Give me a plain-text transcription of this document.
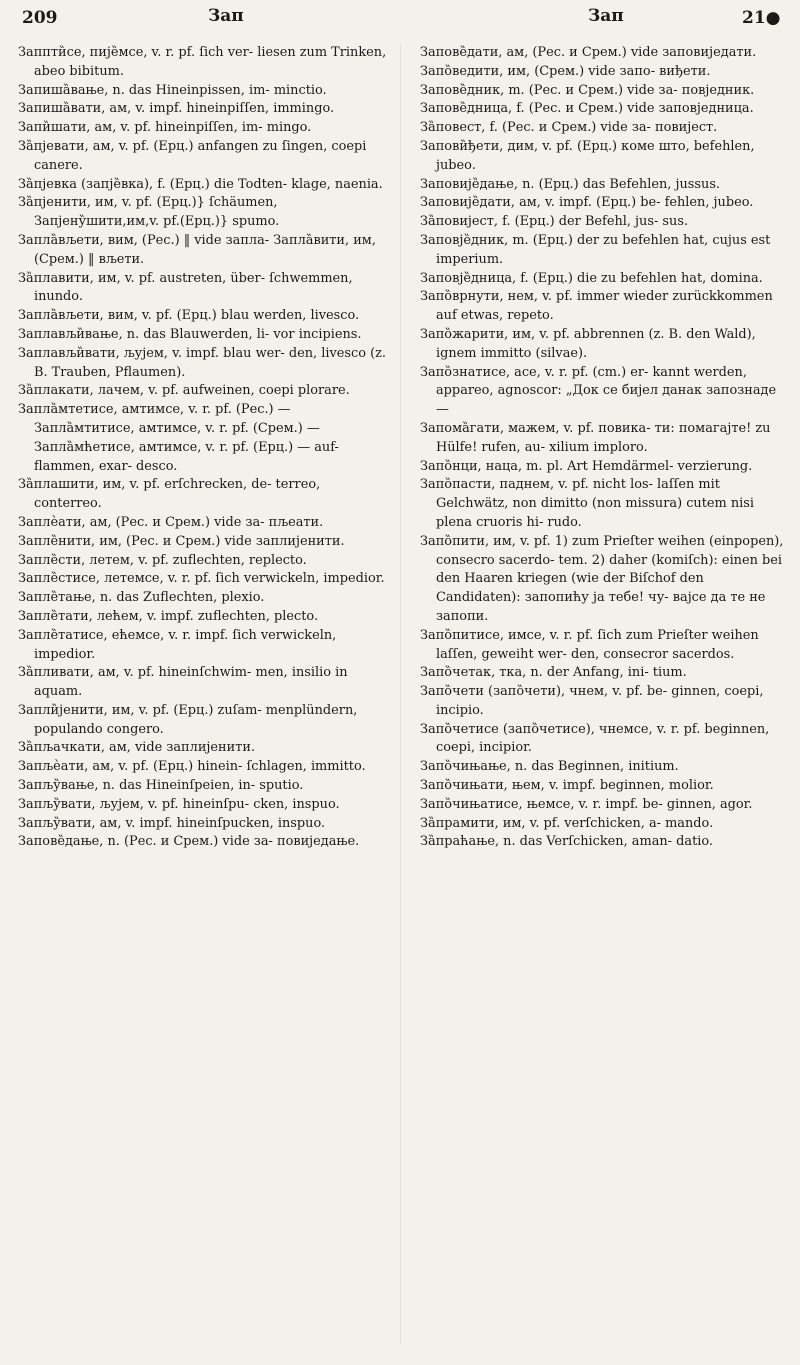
209	Зап	Зап	21●

Заппти̏се, пије̏мсе, v. r. pf. ſich ver- liesen zum Trinken, abeo bibitum.

Запиша̏вање, n. das Hineinpissen, im- minctio.

Запиша̏вати, ам, v. impf. hineinpiſſen, immingo.

Запи̏шати, ам, v. pf. hineinpiſſen, im- mingo.

За̏пјевати, ам, v. pf. (Ерц.) anfangen zu ſingen, coepi canere.

За̏пјевка (запје̏вка), f. (Ерц.) die Todten- klage, naenia.

За̏пјенити, им, v. pf. (Ерц.)} ſchäumen, Запјену̏шити,им,v. pf.(Ерц.)} spumo.

Запла̏вљети, вим, (Рес.) ‖ vide запла- Запла̏вити, им, (Срем.) ‖ вљети.

За̏плавити, им, v. pf. austreten, über- ſchwemmen, inundo.

Запла̏вљети, вим, v. pf. (Ерц.) blau werden, livesco.

Заплављи̏вање, n. das Blauwerden, li- vor incipiens.

Заплављи̏вати, љујем, v. impf. blau wer- den, livesco (z. B. Trauben, Pflaumen).

За̏плакати, лачем, v. pf. aufweinen, coepi plorare.

Запла̏мтетисе, амтимсе, v. r. pf. (Рес.) — Запла̏мтитисе, амтимсе, v. r. pf. (Срем.) — Запла̏мћетисе, амтимсе, v. r. pf. (Ерц.) — auf- flammen, exar- desco.

За̏плашити, им, v. pf. erſchrecken, de- terreo, conterreo.

Заплѐати, ам, (Рес. и Срем.) vide за- пљеати.

Запле̏нити, им, (Рес. и Срем.) vide заплијенити.

Запле̏сти, летем, v. pf. zuflechten, replecto.

Запле̏стисе, летемсе, v. r. pf. ſich verwickeln, impedior.

Запле̏тање, n. das Zuflechten, plexio.

Запле̏тати, лећем, v. impf. zuflechten, plecto.

Запле̏татисе, ећемсе, v. r. impf. ſich verwickeln, impedior.

За̏пливати, ам, v. pf. hineinſchwim- men, insilio in aquam.

Запли̏јенити, им, v. pf. (Ерц.) zuſam- menplündern, populando congero.

За̏пљачкати, ам, vide заплијенити.

Запљѐати, ам, v. pf. (Ерц.) hinein- ſchlagen, immitto.

Запљу̏вање, n. das Hineinſpeien, in- sputio.

Запљу̏вати, љујем, v. pf. hineinſpu- cken, inspuo.

Запљу̏вати, ам, v. impf. hineinſpucken, inspuo.

Запове̏дање, n. (Рес. и Срем.) vide за- повиједање.

Запове̏дати, ам, (Рес. и Срем.) vide заповиједати.

Запо̏ведити, им, (Срем.) vide запо- виђети.

Запове̏дник, m. (Рес. и Срем.) vide за- повједник.

Запове̏дница, f. (Рес. и Срем.) vide заповједница.

За̏повест, f. (Рес. и Срем.) vide за- повијест.

Запови̏ђети, дим, v. pf. (Ерц.) коме што, befehlen, jubeo.

Заповије̏дање, n. (Ерц.) das Befehlen, jussus.

Заповије̏дати, ам, v. impf. (Ерц.) be- fehlen, jubeo.

За̏повијест, f. (Ерц.) der Befehl, jus- sus.

Заповје̏дник, m. (Ерц.) der zu befehlen hat, cujus est imperium.

Заповје̏дница, f. (Ерц.) die zu befehlen hat, domina.

Запо̏врнути, нем, v. pf. immer wieder zurückkommen auf etwas, repeto.

Запо̏жарити, им, v. pf. abbrennen (z. B. den Wald), ignem immitto (silvae).

Запо̏знатисе, асе, v. r. pf. (cm.) er- kannt werden, appareo, agnoscor: „Док се бијел данак запознаде —

Запома̏гати, мажем, v. pf. повика- ти: помагајте! zu Hülfe! rufen, au- xilium imploro.

Запо̏нци, наца, m. pl. Art Hemdärmel- verzierung.

Запо̏пасти, паднем, v. pf. nicht los- laſſen mit Gelchwätz, non dimitto (non missura) cutem nisi plena cruoris hi- rudo.

Запо̏пити, им, v. pf. 1) zum Prieſter weihen (einpopen), consecro sacerdo- tem. 2) daher (komiſch): einen bei den Haaren kriegen (wie der Biſchof den Candidaten): запопићу ја тебе! чу- вајсе да те не запопи.

Запо̏питисе, имсе, v. r. pf. ſich zum Prieſter weihen laſſen, geweiht wer- den, consecror sacerdos.

Запо̏четак, тка, n. der Anfang, ini- tium.

Запо̏чети (запо̏чети), чнем, v. pf. be- ginnen, coepi, incipio.

Запо̏четисе (запо̏четисе), чнемсе, v. r. pf. beginnen, coepi, incipior.

Запо̏чињање, n. das Beginnen, initium.

Запо̏чињати, њем, v. impf. beginnen, molior.

Запо̏чињатисе, њемсе, v. r. impf. be- ginnen, agor.

За̏прамити, им, v. pf. verſchicken, a- mando.

За̏праћање, n. das Verſchicken, aman- datio.
